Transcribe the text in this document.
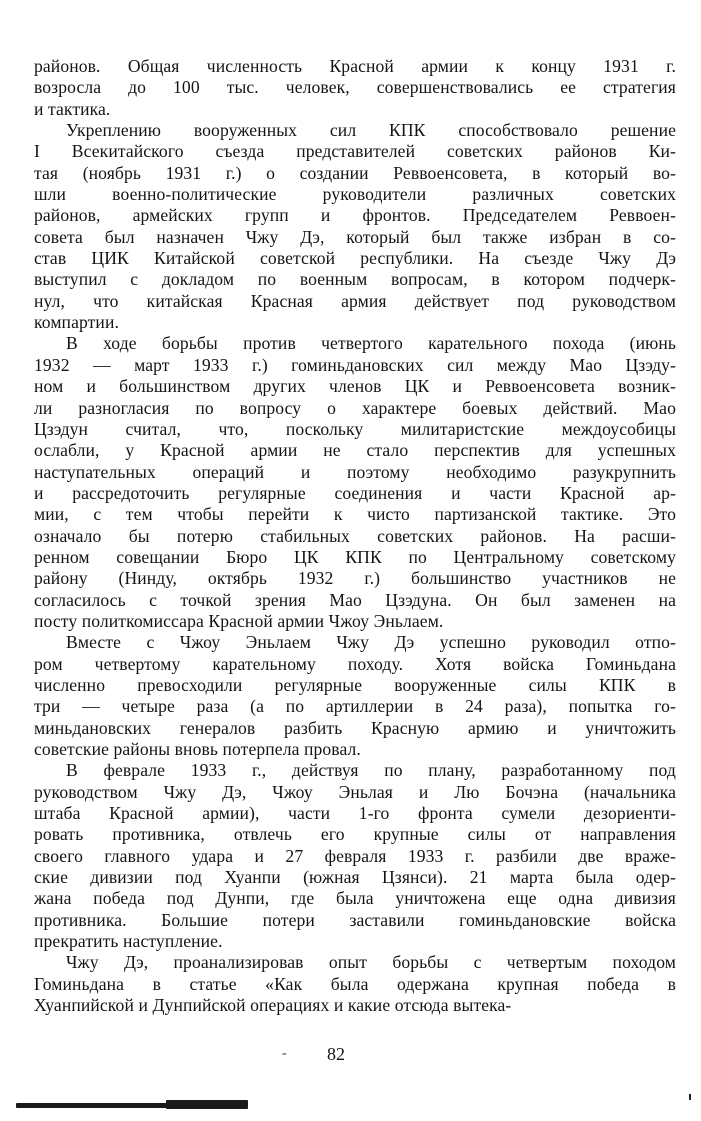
районов. Общая численность Красной армии к концу 1931 г.
возросла до 100 тыс. человек, совершенствовались ее стратегия
и тактика.
Укреплению вооруженных сил КПК способствовало решение
I Всекитайского съезда представителей советских районов Ки-
тая (ноябрь 1931 г.) о создании Реввоенсовета, в который во-
шли военно-политические руководители различных советских
районов, армейских групп и фронтов. Председателем Реввоен-
совета был назначен Чжу Дэ, который был также избран в со-
став ЦИК Китайской советской республики. На съезде Чжу Дэ
выступил с докладом по военным вопросам, в котором подчерк-
нул, что китайская Красная армия действует под руководством
компартии.
В ходе борьбы против четвертого карательного похода (июнь
1932 — март 1933 г.) гоминьдановских сил между Мао Цзэду-
ном и большинством других членов ЦК и Реввоенсовета возник-
ли разногласия по вопросу о характере боевых действий. Мао
Цзэдун считал, что, поскольку милитаристские междоусобицы
ослабли, у Красной армии не стало перспектив для успешных
наступательных операций и поэтому необходимо разукрупнить
и рассредоточить регулярные соединения и части Красной ар-
мии, с тем чтобы перейти к чисто партизанской тактике. Это
означало бы потерю стабильных советских районов. На расши-
ренном совещании Бюро ЦК КПК по Центральному советскому
району (Нинду, октябрь 1932 г.) большинство участников не
согласилось с точкой зрения Мао Цзэдуна. Он был заменен на
посту политкомиссара Красной армии Чжоу Эньлаем.
Вместе с Чжоу Эньлаем Чжу Дэ успешно руководил отпо-
ром четвертому карательному походу. Хотя войска Гоминьдана
численно превосходили регулярные вооруженные силы КПК в
три — четыре раза (а по артиллерии в 24 раза), попытка го-
миньдановских генералов разбить Красную армию и уничтожить
советские районы вновь потерпела провал.
В феврале 1933 г., действуя по плану, разработанному под
руководством Чжу Дэ, Чжоу Эньлая и Лю Бочэна (начальника
штаба Красной армии), части 1-го фронта сумели дезориенти-
ровать противника, отвлечь его крупные силы от направления
своего главного удара и 27 февраля 1933 г. разбили две враже-
ские дивизии под Хуанпи (южная Цзянси). 21 марта была одер-
жана победа под Дунпи, где была уничтожена еще одна дивизия
противника. Большие потери заставили гоминьдановские войска
прекратить наступление.
Чжу Дэ, проанализировав опыт борьбы с четвертым походом
Гоминьдана в статье «Как была одержана крупная победа в
Хуанпийской и Дунпийской операциях и какие отсюда вытека-
- 82
